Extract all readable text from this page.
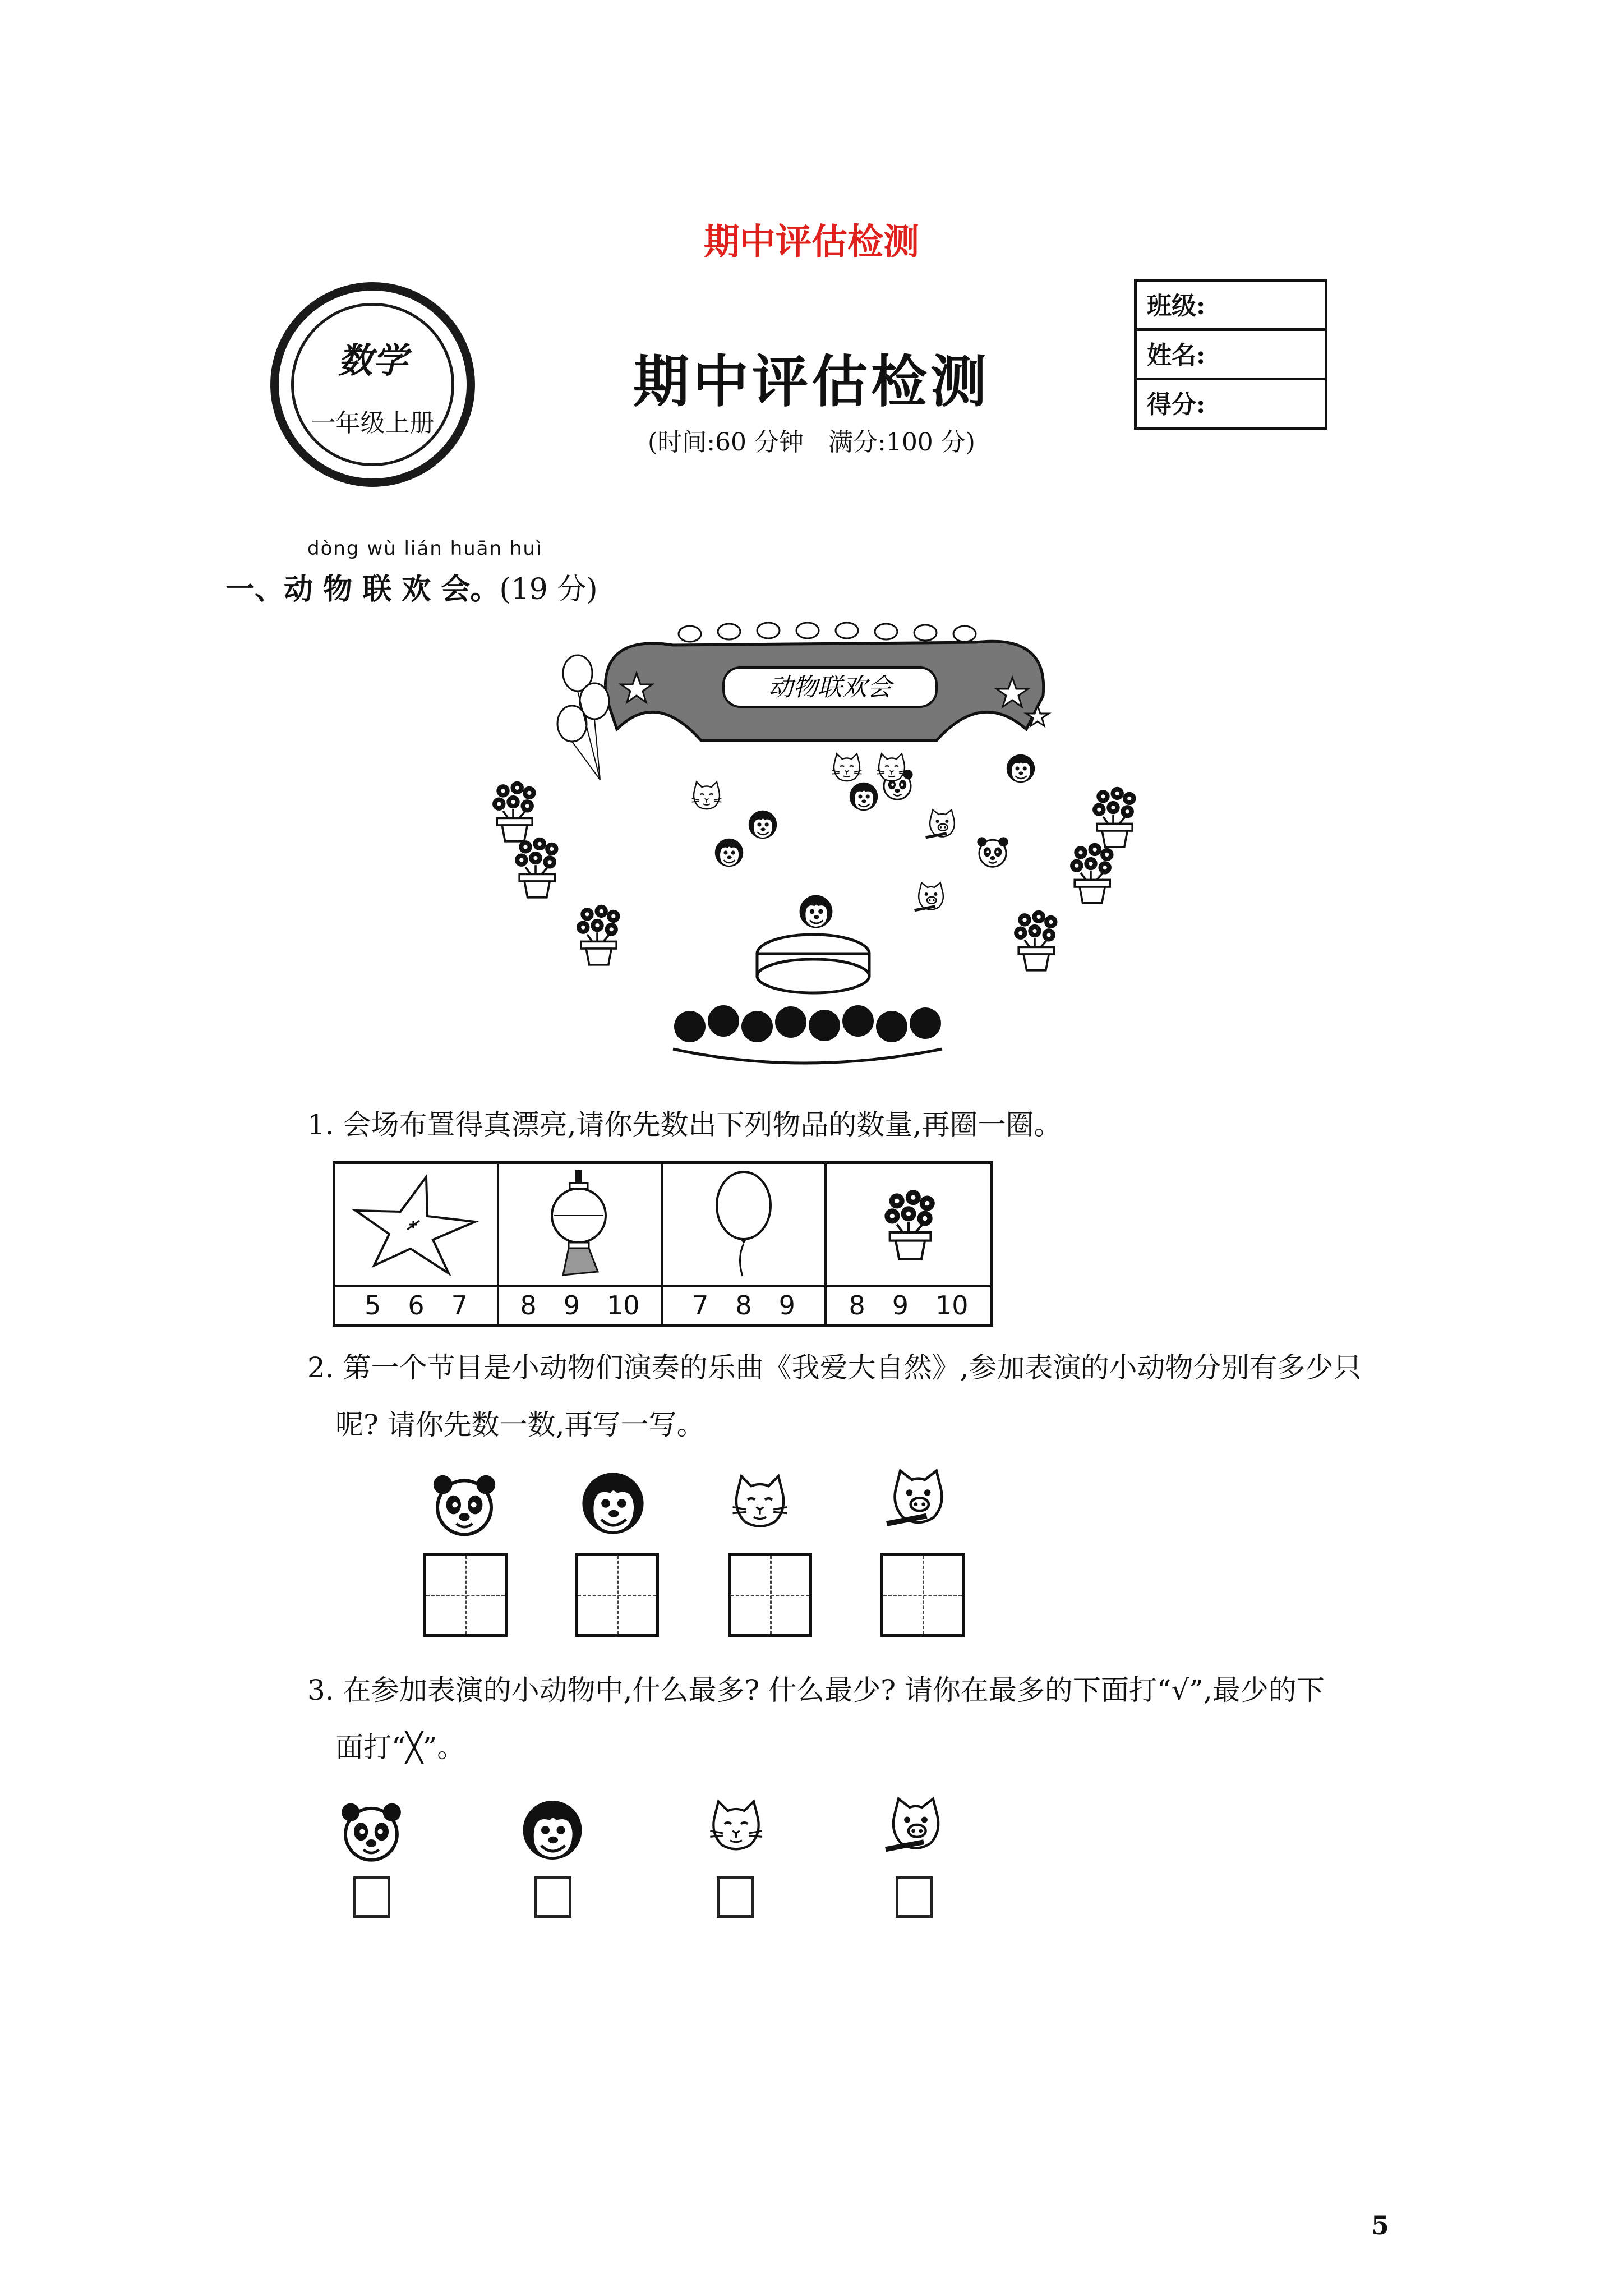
期中评估检测
数学
一年级上册
期中评估检测
(时间:60 分钟　满分:100 分)
班级:
姓名:
得分:
dòng wù lián huān huì
一、动 物 联 欢 会。(19 分)
动物联欢会
1. 会场布置得真漂亮,请你先数出下列物品的数量,再圈一圈。
5 6 7 8 9 10 7 8 9 8 9 10
2. 第一个节目是小动物们演奏的乐曲《我爱大自然》,参加表演的小动物分别有多少只
呢? 请你先数一数,再写一写。
3. 在参加表演的小动物中,什么最多? 什么最少? 请你在最多的下面打“√”,最少的下
面打“╳”。
5
